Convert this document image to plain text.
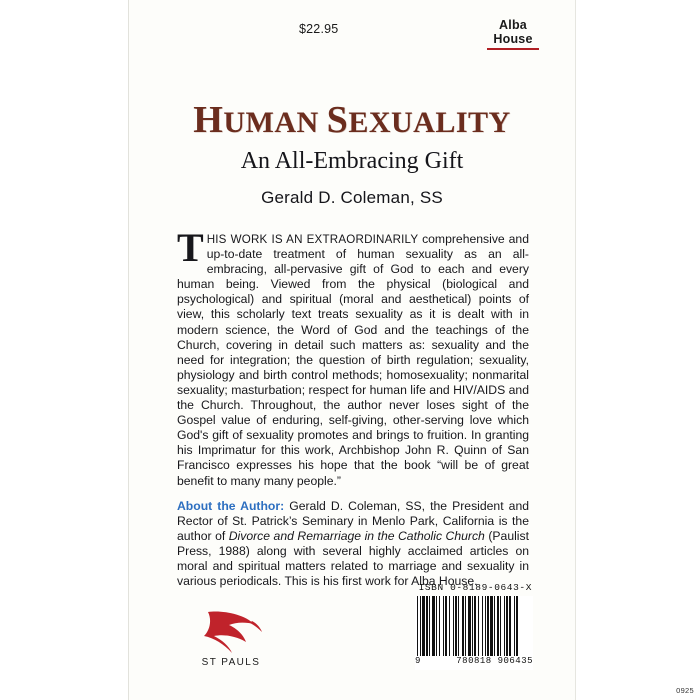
$22.95	Alba
House
HUMAN SEXUALITY
An All-Embracing Gift
Gerald D. Coleman, SS

THIS WORK IS AN EXTRAORDINARILY comprehensive and up-to-date treatment of human sexuality as an all-embracing, all-pervasive gift of God to each and every human being. Viewed from the physical (biological and psychological) and spiritual (moral and aesthetical) points of view, this scholarly text treats sexuality as it is dealt with in modern science, the Word of God and the teachings of the Church, covering in detail such matters as: sexuality and the need for integration; the question of birth regulation; sexuality, physiology and birth control methods; homosexuality; nonmarital sexuality; masturbation; respect for human life and HIV/AIDS and the Church. Throughout, the author never loses sight of the Gospel value of enduring, self-giving, other-serving love which God's gift of sexuality promotes and brings to fruition. In granting his Imprimatur for this work, Archbishop John R. Quinn of San Francisco expresses his hope that the book “will be of great benefit to many many people.”

About the Author: Gerald D. Coleman, SS, the President and Rector of St. Patrick’s Seminary in Menlo Park, California is the author of Divorce and Remarriage in the Catholic Church (Paulist Press, 1988) along with several highly acclaimed articles on moral and spiritual matters related to marriage and sexuality in various periodicals. This is his first work for Alba House.

ST PAULS
ISBN 0-8189-0643-X
9	780818 906435
0925
